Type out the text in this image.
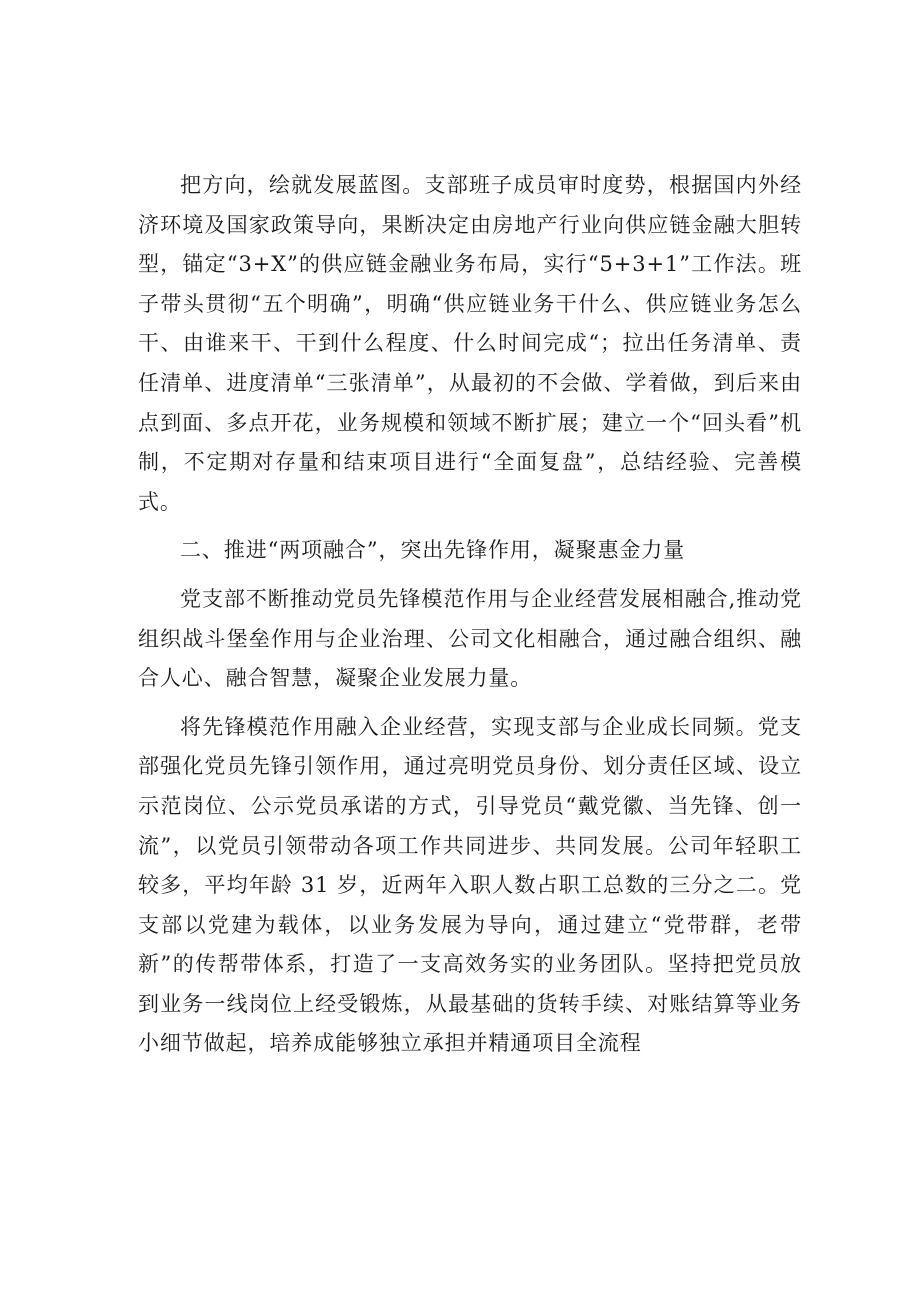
把方向，绘就发展蓝图。支部班子成员审时度势，根据国内外经济环境及国家政策导向，果断决定由房地产行业向供应链金融大胆转型，锚定“3+X”的供应链金融业务布局，实行“5+3+1”工作法。班子带头贯彻“五个明确”，明确“供应链业务干什么、供应链业务怎么干、由谁来干、干到什么程度、什么时间完成“；拉出任务清单、责任清单、进度清单“三张清单”，从最初的不会做、学着做，到后来由点到面、多点开花，业务规模和领域不断扩展；建立一个“回头看”机制，不定期对存量和结束项目进行“全面复盘”，总结经验、完善模式。

二、推进“两项融合”，突出先锋作用，凝聚惠金力量

党支部不断推动党员先锋模范作用与企业经营发展相融合,推动党组织战斗堡垒作用与企业治理、公司文化相融合，通过融合组织、融合人心、融合智慧，凝聚企业发展力量。

将先锋模范作用融入企业经营，实现支部与企业成长同频。党支部强化党员先锋引领作用，通过亮明党员身份、划分责任区域、设立示范岗位、公示党员承诺的方式，引导党员“戴党徽、当先锋、创一流”，以党员引领带动各项工作共同进步、共同发展。公司年轻职工较多，平均年龄 31 岁，近两年入职人数占职工总数的三分之二。党支部以党建为载体，以业务发展为导向，通过建立“党带群，老带新”的传帮带体系，打造了一支高效务实的业务团队。坚持把党员放到业务一线岗位上经受锻炼，从最基础的货转手续、对账结算等业务小细节做起，培养成能够独立承担并精通项目全流程
